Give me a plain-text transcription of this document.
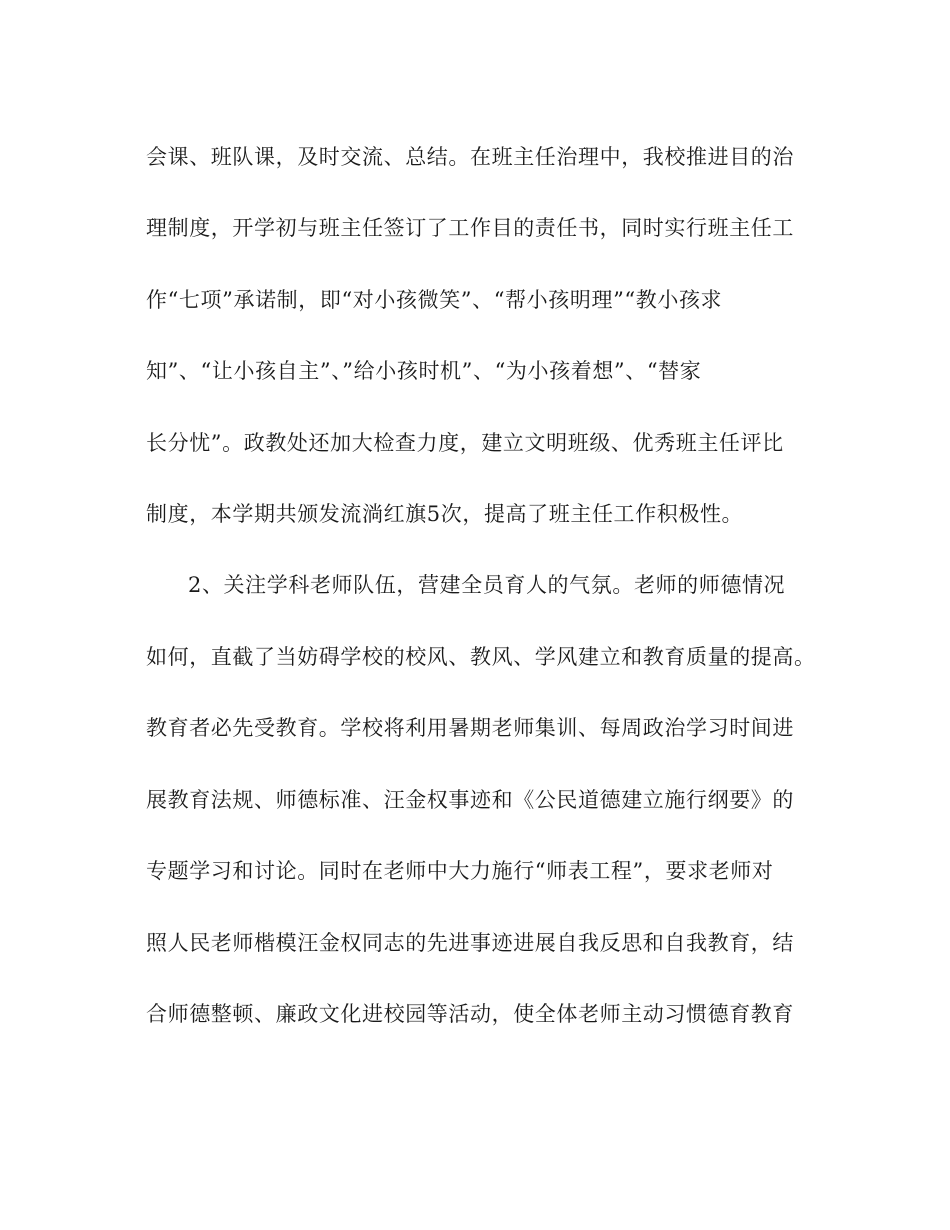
会课、班队课，及时交流、总结。在班主任治理中，我校推进目的治
理制度，开学初与班主任签订了工作目的责任书，同时实行班主任工
作“七项”承诺制，即“对小孩微笑”、“帮小孩明理”“教小孩求
知”、“让小孩自主”、”给小孩时机”、“为小孩着想”、“替家
长分忧”。政教处还加大检查力度，建立文明班级、优秀班主任评比
制度，本学期共颁发流淌红旗5次，提高了班主任工作积极性。
2、关注学科老师队伍，营建全员育人的气氛。老师的师德情况
如何，直截了当妨碍学校的校风、教风、学风建立和教育质量的提高。
教育者必先受教育。学校将利用暑期老师集训、每周政治学习时间进
展教育法规、师德标准、汪金权事迹和《公民道德建立施行纲要》的
专题学习和讨论。同时在老师中大力施行“师表工程”，要求老师对
照人民老师楷模汪金权同志的先进事迹进展自我反思和自我教育，结
合师德整顿、廉政文化进校园等活动，使全体老师主动习惯德育教育
